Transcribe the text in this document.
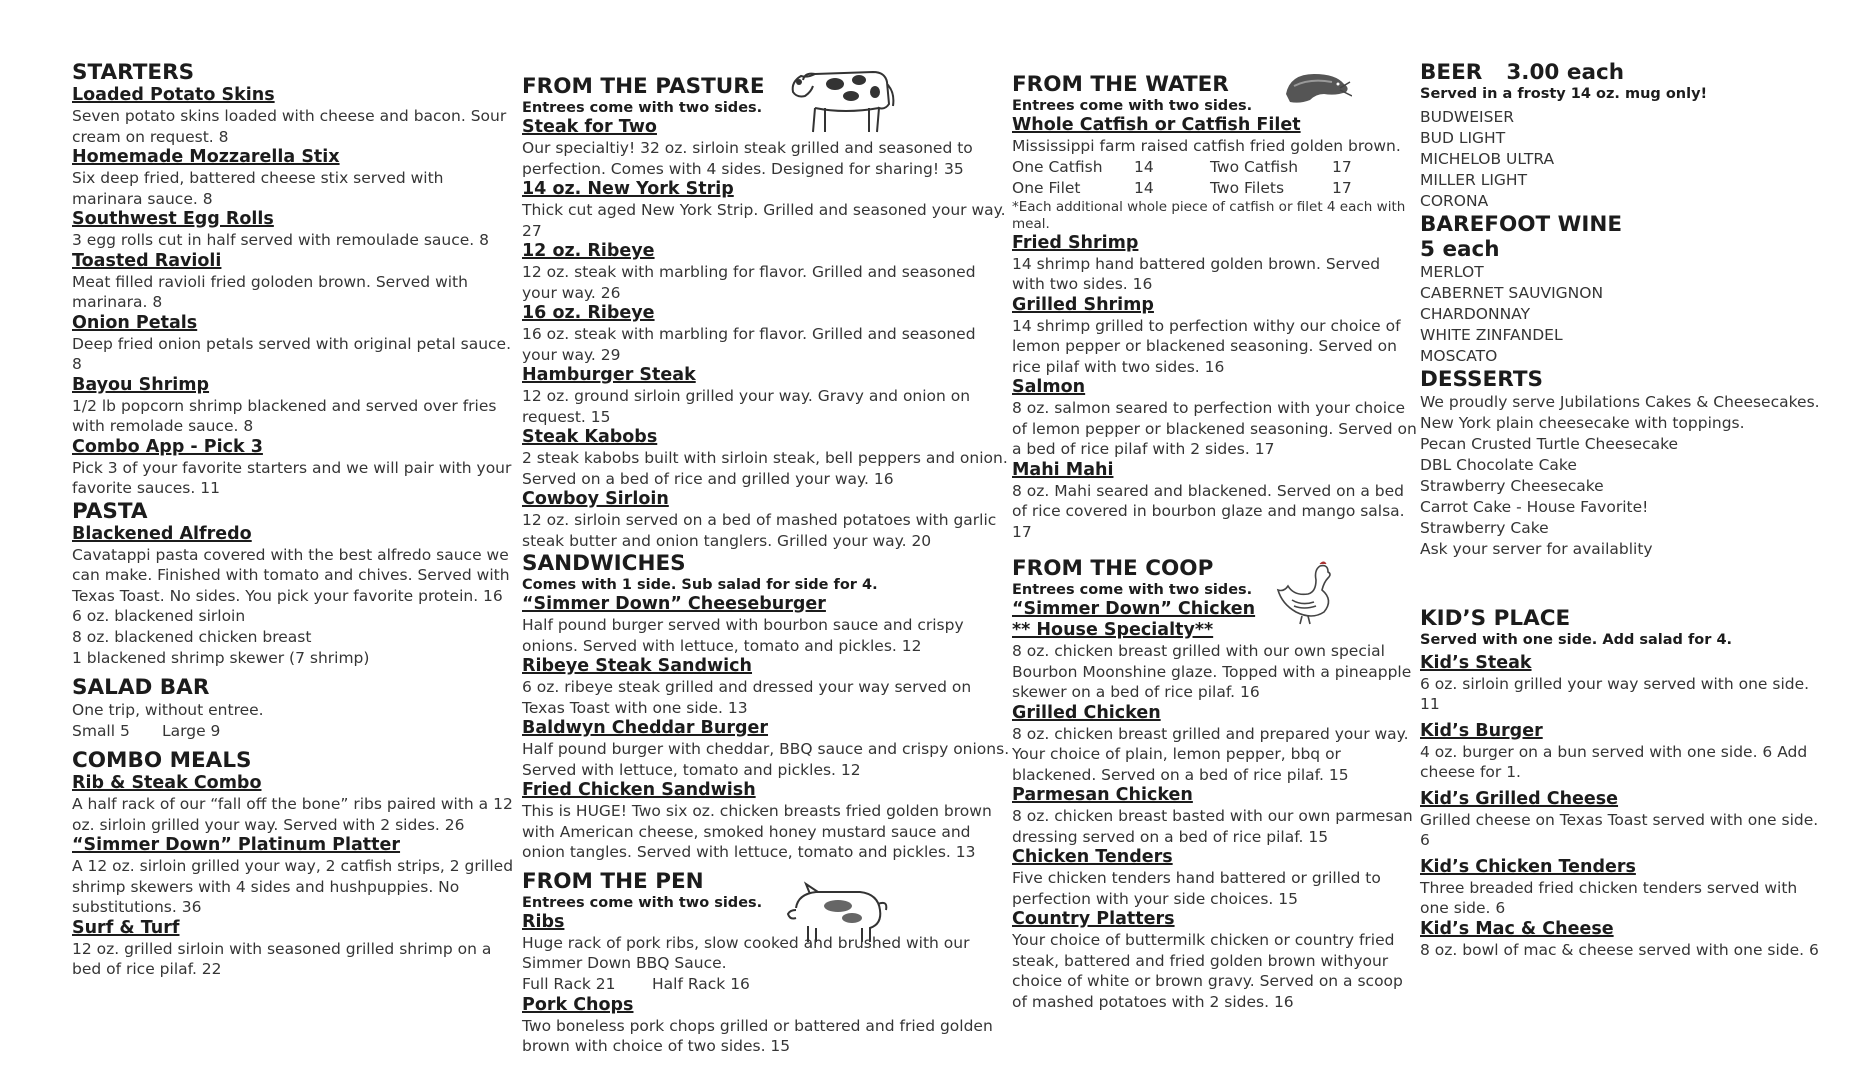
STARTERS
Loaded Potato Skins
Seven potato skins loaded with cheese and bacon. Sour cream on request. 8
Homemade Mozzarella Stix
Six deep fried, battered cheese stix served with marinara sauce. 8
Southwest Egg Rolls
3 egg rolls cut in half served with remoulade sauce. 8
Toasted Ravioli
Meat filled ravioli fried goloden brown. Served with marinara. 8
Onion Petals
Deep fried onion petals served with original petal sauce. 8
Bayou Shrimp
1/2 lb popcorn shrimp blackened and served over fries with remolade sauce. 8
Combo App - Pick 3
Pick 3 of your favorite starters and we will pair with your favorite sauces. 11
PASTA
Blackened Alfredo
Cavatappi pasta covered with the best alfredo sauce we can make. Finished with tomato and chives. Served with Texas Toast. No sides. You pick your favorite protein. 16
6 oz. blackened sirloin
8 oz. blackened chicken breast
1 blackened shrimp skewer (7 shrimp)
SALAD BAR
One trip, without entree.
Small 5	Large 9
COMBO MEALS
Rib & Steak Combo
A half rack of our “fall off the bone” ribs paired with a 12 oz. sirloin grilled your way. Served with 2 sides. 26
“Simmer Down” Platinum Platter
A 12 oz. sirloin grilled your way, 2 catfish strips, 2 grilled shrimp skewers with 4 sides and hushpuppies. No substitutions. 36
Surf & Turf
12 oz. grilled sirloin with seasoned grilled shrimp on a bed of rice pilaf. 22
FROM THE PASTURE
Entrees come with two sides.
Steak for Two
Our specialtiy! 32 oz. sirloin steak grilled and seasoned to perfection. Comes with 4 sides. Designed for sharing! 35
14 oz. New York Strip
Thick cut aged New York Strip. Grilled and seasoned your way. 27
12 oz. Ribeye
12 oz. steak with marbling for flavor. Grilled and seasoned your way. 26
16 oz. Ribeye
16 oz. steak with marbling for flavor. Grilled and seasoned your way. 29
Hamburger Steak
12 oz. ground sirloin grilled your way. Gravy and onion on request. 15
Steak Kabobs
2 steak kabobs built with sirloin steak, bell peppers and onion. Served on a bed of rice and grilled your way. 16
Cowboy Sirloin
12 oz. sirloin served on a bed of mashed potatoes with garlic steak butter and onion tanglers. Grilled your way. 20
SANDWICHES
Comes with 1 side. Sub salad for side for 4.
“Simmer Down” Cheeseburger
Half pound burger served with bourbon sauce and crispy onions. Served with lettuce, tomato and pickles. 12
Ribeye Steak Sandwich
6 oz. ribeye steak grilled and dressed your way served on Texas Toast with one side. 13
Baldwyn Cheddar Burger
Half pound burger with cheddar, BBQ sauce and crispy onions. Served with lettuce, tomato and pickles. 12
Fried Chicken Sandwish
This is HUGE! Two six oz. chicken breasts fried golden brown with American cheese, smoked honey mustard sauce and onion tangles. Served with lettuce, tomato and pickles. 13
FROM THE PEN
Entrees come with two sides.
Ribs
Huge rack of pork ribs, slow cooked and brushed with our Simmer Down BBQ Sauce.
Full Rack 21	Half Rack 16
Pork Chops
Two boneless pork chops grilled or battered and fried golden brown with choice of two sides. 15
FROM THE WATER
Entrees come with two sides.
Whole Catfish or Catfish Filet
Mississippi farm raised catfish fried golden brown.
One Catfish	14	Two Catfish	17
One Filet	14	Two Filets	17
*Each additional whole piece of catfish or filet 4 each with meal.
Fried Shrimp
14 shrimp hand battered golden brown. Served with two sides. 16
Grilled Shrimp
14 shrimp grilled to perfection withy our choice of lemon pepper or blackened seasoning. Served on rice pilaf with two sides. 16
Salmon
8 oz. salmon seared to perfection with your choice of lemon pepper or blackened seasoning. Served on a bed of rice pilaf with 2 sides. 17
Mahi Mahi
8 oz. Mahi seared and blackened. Served on a bed of rice covered in bourbon glaze and mango salsa. 17
FROM THE COOP
Entrees come with two sides.
“Simmer Down” Chicken
** House Specialty**
8 oz. chicken breast grilled with our own special Bourbon Moonshine glaze. Topped with a pineapple skewer on a bed of rice pilaf. 16
Grilled Chicken
8 oz. chicken breast grilled and prepared your way. Your choice of plain, lemon pepper, bbq or blackened. Served on a bed of rice pilaf. 15
Parmesan Chicken
8 oz. chicken breast basted with our own parmesan dressing served on a bed of rice pilaf. 15
Chicken Tenders
Five chicken tenders hand battered or grilled to perfection with your side choices. 15
Country Platters
Your choice of buttermilk chicken or country fried steak, battered and fried golden brown withyour choice of white or brown gravy. Served on a scoop of mashed potatoes with 2 sides. 16
BEER 3.00 each
Served in a frosty 14 oz. mug only!
BUDWEISER
BUD LIGHT
MICHELOB ULTRA
MILLER LIGHT
CORONA
BAREFOOT WINE
5 each
MERLOT
CABERNET SAUVIGNON
CHARDONNAY
WHITE ZINFANDEL
MOSCATO
DESSERTS
We proudly serve Jubilations Cakes & Cheesecakes.
New York plain cheesecake with toppings.
Pecan Crusted Turtle Cheesecake
DBL Chocolate Cake
Strawberry Cheesecake
Carrot Cake - House Favorite!
Strawberry Cake
Ask your server for availablity
KID’S PLACE
Served with one side. Add salad for 4.
Kid’s Steak
6 oz. sirloin grilled your way served with one side. 11
Kid’s Burger
4 oz. burger on a bun served with one side. 6 Add cheese for 1.
Kid’s Grilled Cheese
Grilled cheese on Texas Toast served with one side. 6
Kid’s Chicken Tenders
Three breaded fried chicken tenders served with one side. 6
Kid’s Mac & Cheese
8 oz. bowl of mac & cheese served with one side. 6
